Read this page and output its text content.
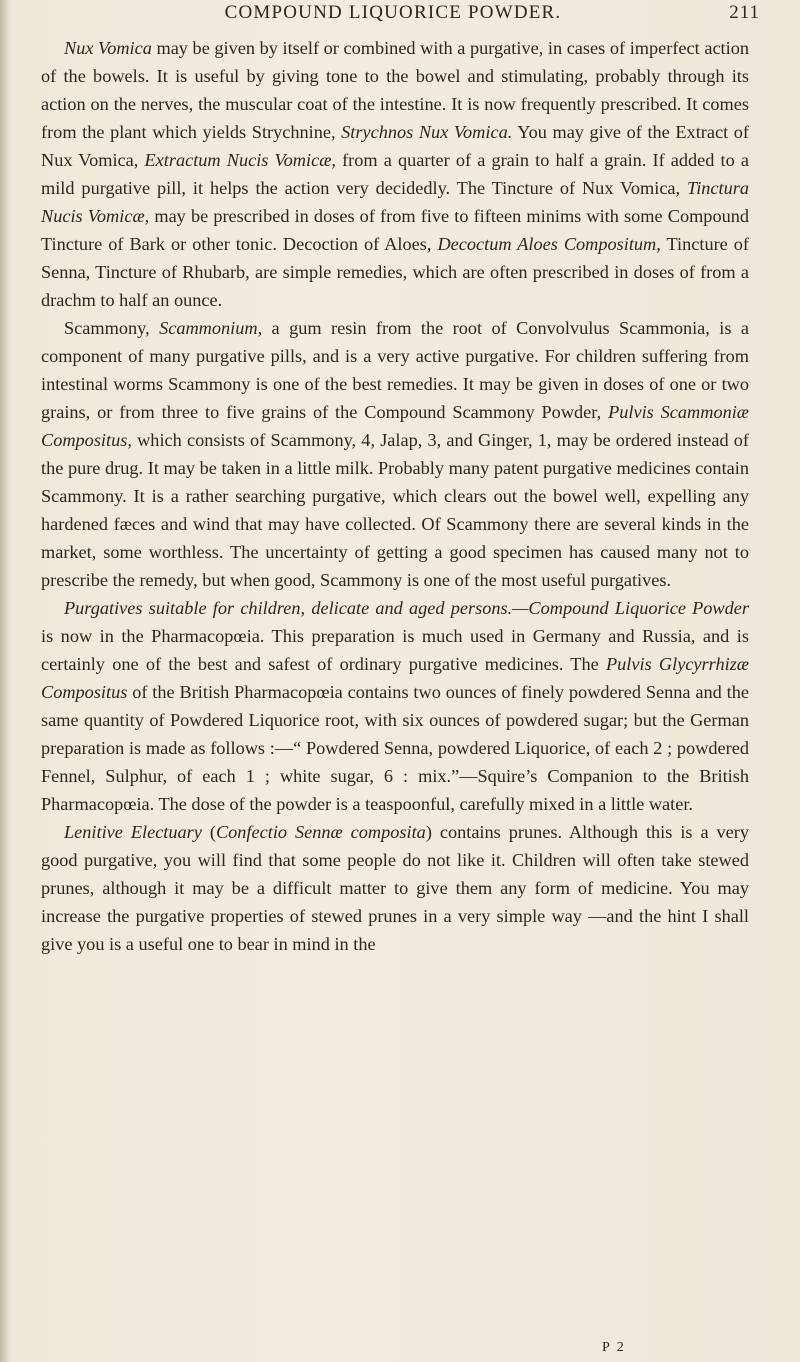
COMPOUND LIQUORICE POWDER.	211

Nux Vomica may be given by itself or combined with a purgative, in cases of imperfect action of the bowels. It is useful by giving tone to the bowel and stimulating, probably through its action on the nerves, the muscular coat of the intestine. It is now frequently prescribed. It comes from the plant which yields Strychnine, Strychnos Nux Vomica. You may give of the Extract of Nux Vomica, Extractum Nucis Vomicæ, from a quarter of a grain to half a grain. If added to a mild purgative pill, it helps the action very decidedly. The Tincture of Nux Vomica, Tinctura Nucis Vomicæ, may be prescribed in doses of from five to fifteen minims with some Compound Tincture of Bark or other tonic. Decoction of Aloes, Decoctum Aloes Compositum, Tincture of Senna, Tincture of Rhubarb, are simple remedies, which are often prescribed in doses of from a drachm to half an ounce.

Scammony, Scammonium, a gum resin from the root of Convolvulus Scammonia, is a component of many purgative pills, and is a very active purgative. For children suffering from intestinal worms Scammony is one of the best remedies. It may be given in doses of one or two grains, or from three to five grains of the Compound Scammony Powder, Pulvis Scammoniæ Compositus, which consists of Scammony, 4, Jalap, 3, and Ginger, 1, may be ordered instead of the pure drug. It may be taken in a little milk. Probably many patent purgative medicines contain Scammony. It is a rather searching purgative, which clears out the bowel well, expelling any hardened fæces and wind that may have collected. Of Scammony there are several kinds in the market, some worthless. The uncertainty of getting a good specimen has caused many not to prescribe the remedy, but when good, Scammony is one of the most useful purgatives.

Purgatives suitable for children, delicate and aged persons.—Compound Liquorice Powder is now in the Pharmacopœia. This preparation is much used in Germany and Russia, and is certainly one of the best and safest of ordinary purgative medicines. The Pulvis Glycyrrhizæ Compositus of the British Pharmacopœia contains two ounces of finely powdered Senna and the same quantity of Powdered Liquorice root, with six ounces of powdered sugar; but the German preparation is made as follows :—“ Powdered Senna, powdered Liquorice, of each 2 ; powdered Fennel, Sulphur, of each 1 ; white sugar, 6 : mix.”—Squire’s Companion to the British Pharmacopœia. The dose of the powder is a teaspoonful, carefully mixed in a little water.

Lenitive Electuary (Confectio Sennæ composita) contains prunes. Although this is a very good purgative, you will find that some people do not like it. Children will often take stewed prunes, although it may be a difficult matter to give them any form of medicine. You may increase the purgative properties of stewed prunes in a very simple way —and the hint I shall give you is a useful one to bear in mind in the

P 2
